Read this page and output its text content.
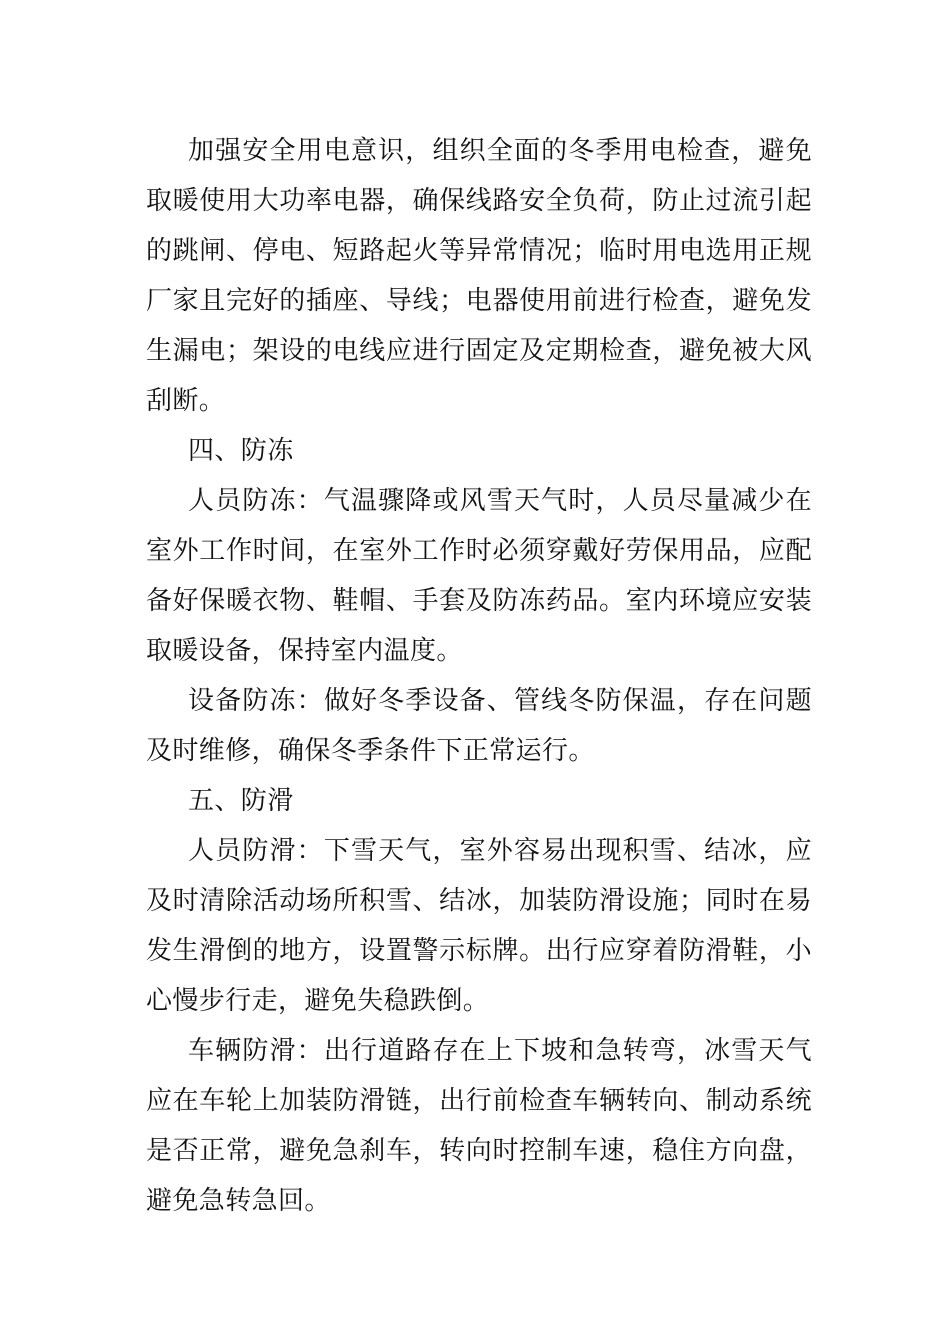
加强安全用电意识，组织全面的冬季用电检查，避免取暖使用大功率电器，确保线路安全负荷，防止过流引起的跳闸、停电、短路起火等异常情况；临时用电选用正规厂家且完好的插座、导线；电器使用前进行检查，避免发生漏电；架设的电线应进行固定及定期检查，避免被大风刮断。

四、防冻

人员防冻：气温骤降或风雪天气时，人员尽量减少在室外工作时间，在室外工作时必须穿戴好劳保用品，应配备好保暖衣物、鞋帽、手套及防冻药品。室内环境应安装取暖设备，保持室内温度。

设备防冻：做好冬季设备、管线冬防保温，存在问题及时维修，确保冬季条件下正常运行。

五、防滑

人员防滑：下雪天气，室外容易出现积雪、结冰，应及时清除活动场所积雪、结冰，加装防滑设施；同时在易发生滑倒的地方，设置警示标牌。出行应穿着防滑鞋，小心慢步行走，避免失稳跌倒。

车辆防滑：出行道路存在上下坡和急转弯，冰雪天气应在车轮上加装防滑链，出行前检查车辆转向、制动系统是否正常，避免急刹车，转向时控制车速，稳住方向盘，避免急转急回。
